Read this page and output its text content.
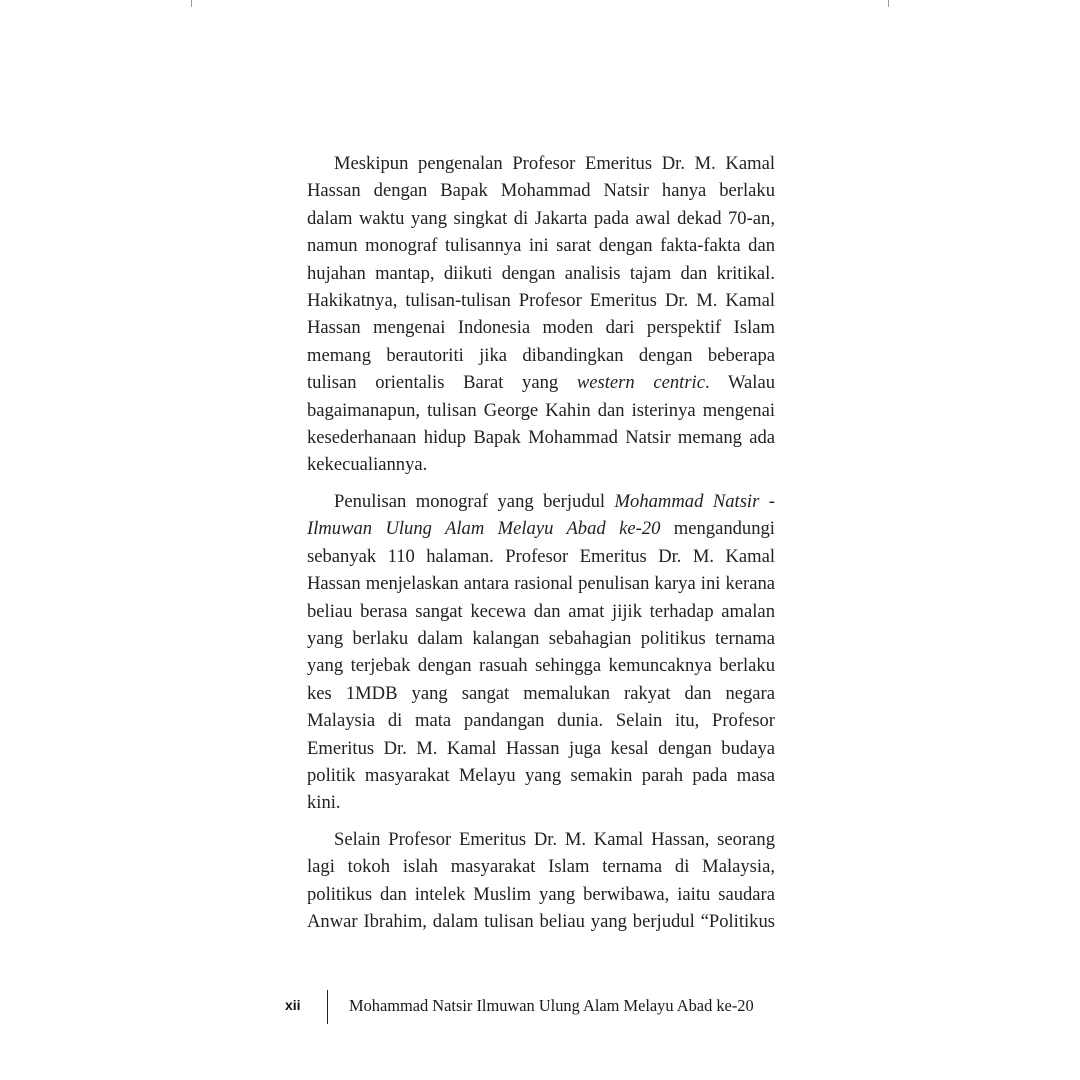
Meskipun pengenalan Profesor Emeritus Dr. M. Kamal Hassan dengan Bapak Mohammad Natsir hanya berlaku dalam waktu yang singkat di Jakarta pada awal dekad 70-an, namun monograf tulisannya ini sarat dengan fakta-fakta dan hujahan mantap, diikuti dengan analisis tajam dan kritikal. Hakikatnya, tulisan-tulisan Profesor Emeritus Dr. M. Kamal Hassan mengenai Indonesia moden dari perspektif Islam memang berautoriti jika dibandingkan dengan beberapa tulisan orientalis Barat yang western centric. Walau bagaimanapun, tulisan George Kahin dan isterinya mengenai kesederhanaan hidup Bapak Mohammad Natsir memang ada kekecualiannya.

Penulisan monograf yang berjudul Mohammad Natsir - Ilmuwan Ulung Alam Melayu Abad ke-20 mengandungi sebanyak 110 halaman. Profesor Emeritus Dr. M. Kamal Hassan menjelaskan antara rasional penulisan karya ini kerana beliau berasa sangat kecewa dan amat jijik terhadap amalan yang berlaku dalam kalangan sebahagian politikus ternama yang terjebak dengan rasuah sehingga kemuncaknya berlaku kes 1MDB yang sangat memalukan rakyat dan negara Malaysia di mata pandangan dunia. Selain itu, Profesor Emeritus Dr. M. Kamal Hassan juga kesal dengan budaya politik masyarakat Melayu yang semakin parah pada masa kini.

Selain Profesor Emeritus Dr. M. Kamal Hassan, seorang lagi tokoh islah masyarakat Islam ternama di Malaysia, politikus dan intelek Muslim yang berwibawa, iaitu saudara Anwar Ibrahim, dalam tulisan beliau yang berjudul “Politikus

xii	Mohammad Natsir Ilmuwan Ulung Alam Melayu Abad ke-20
